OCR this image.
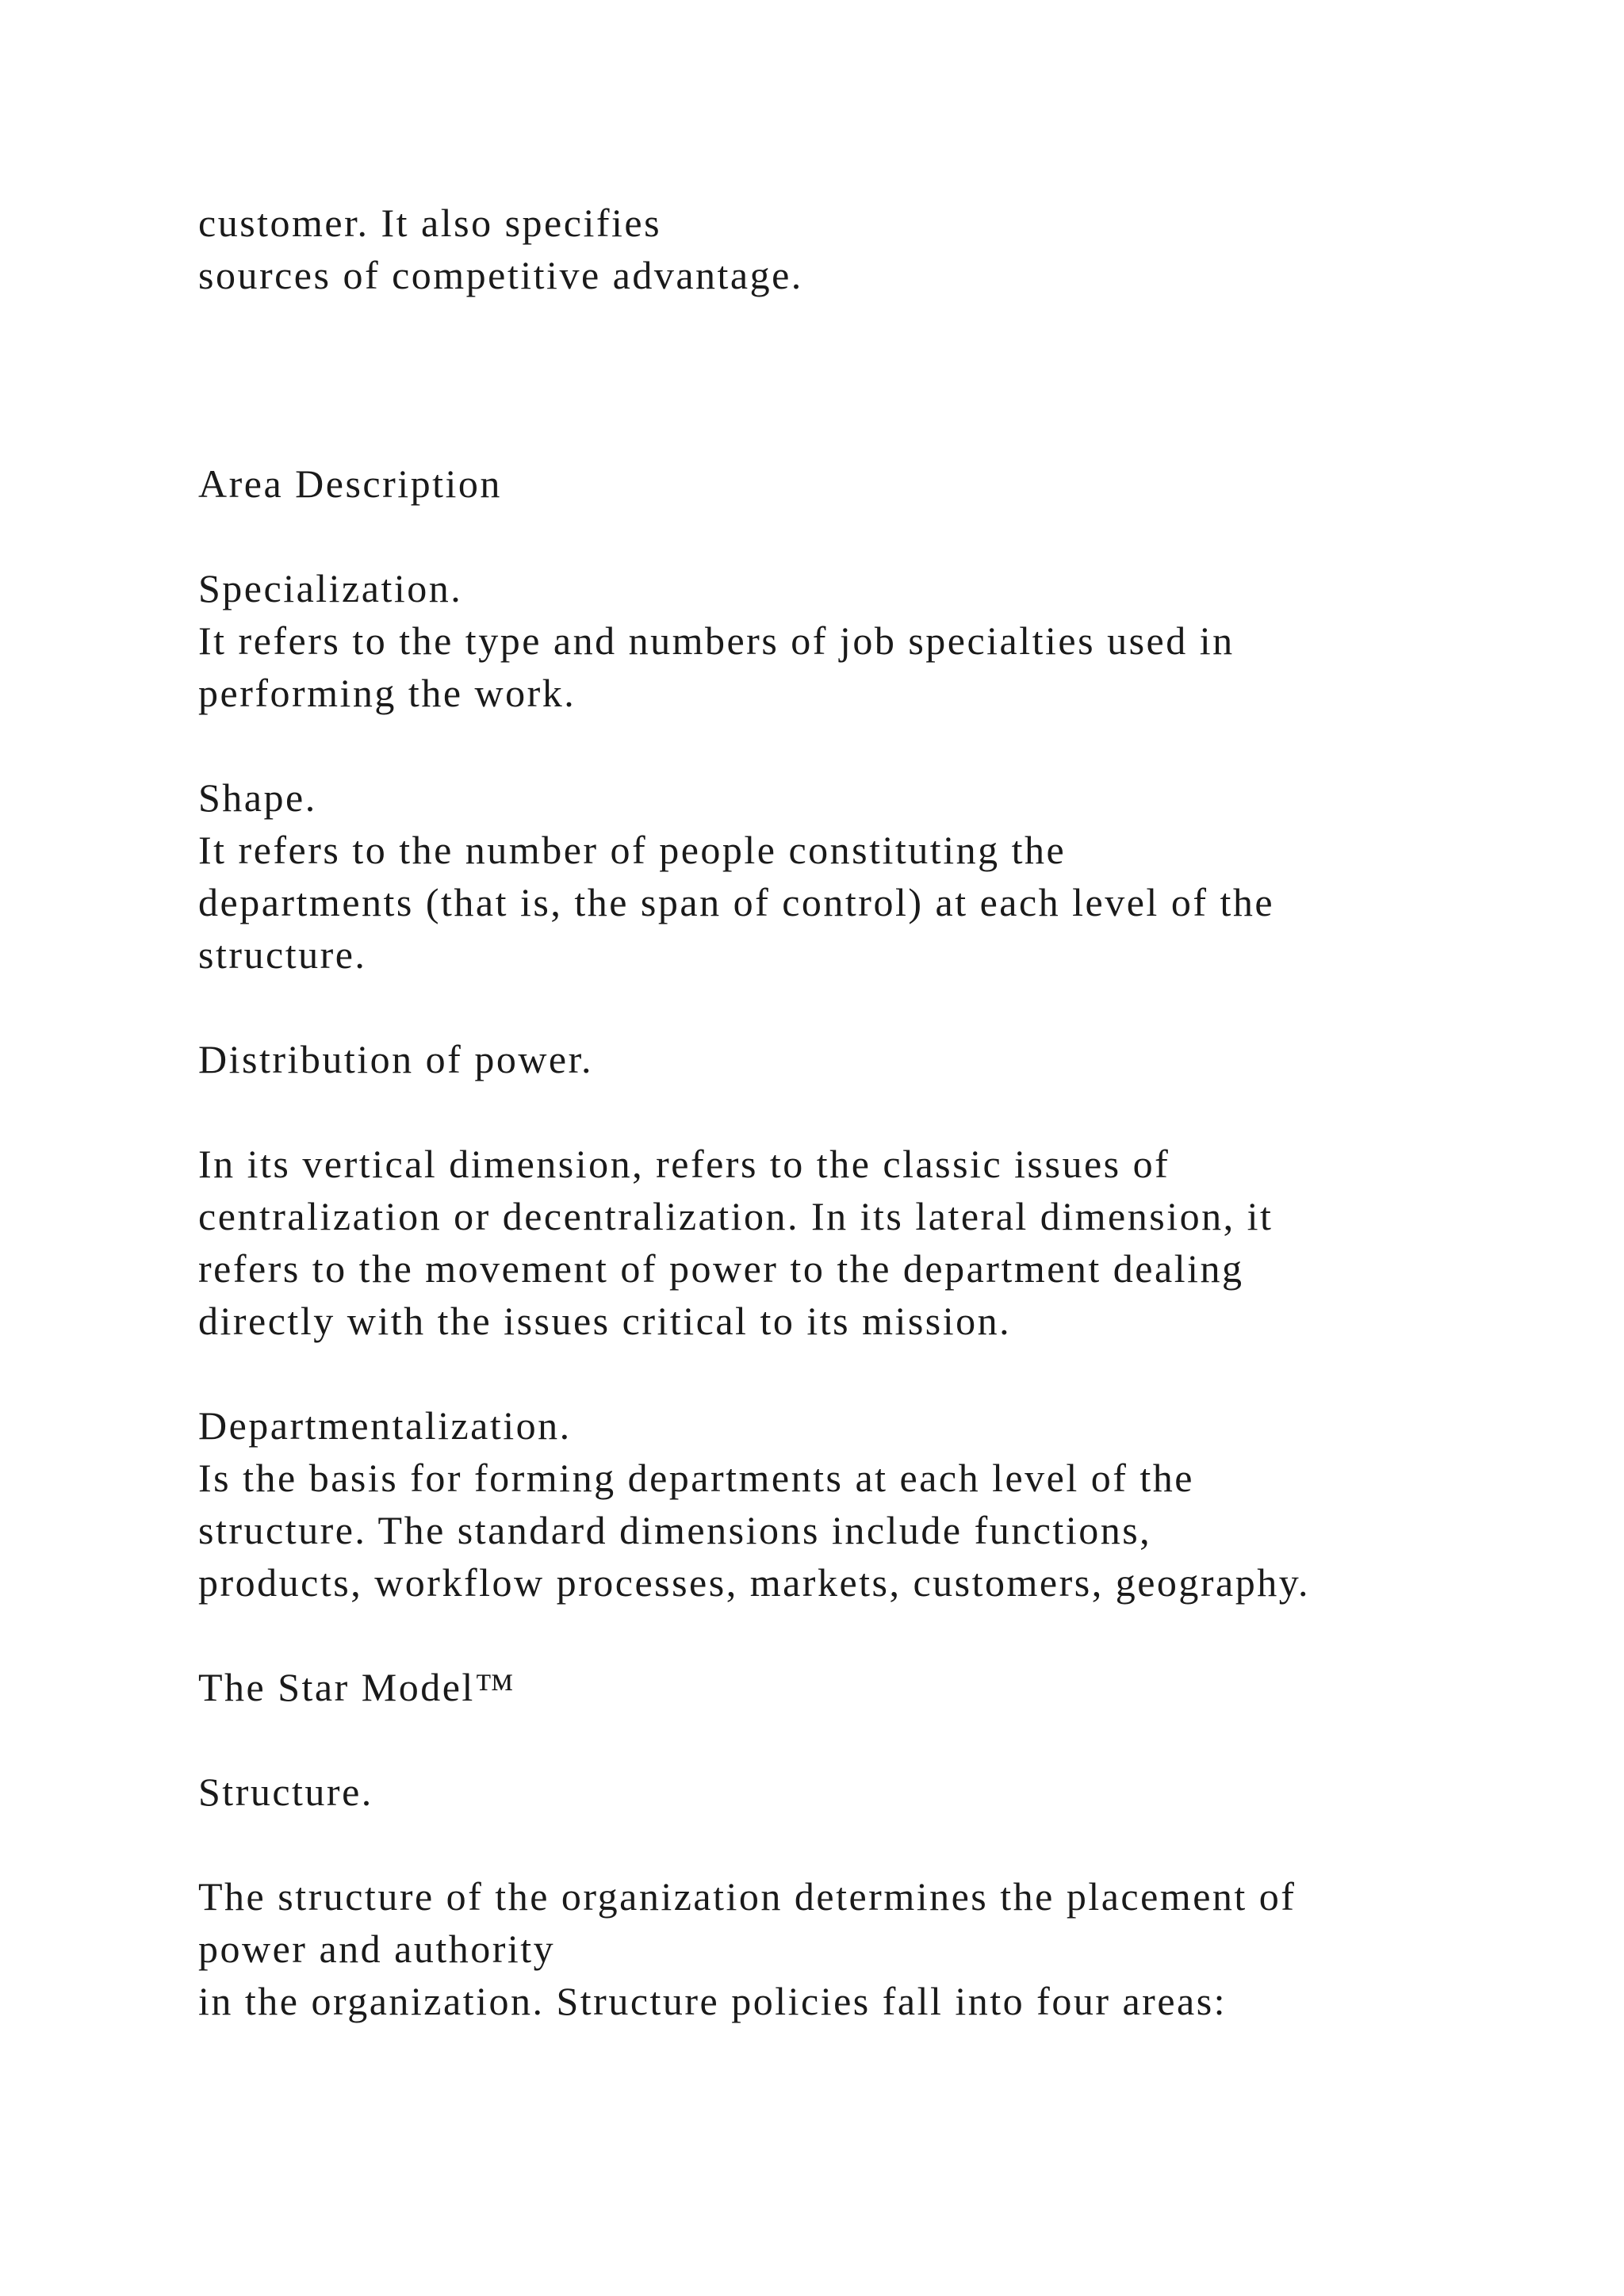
customer. It also specifies

sources of competitive advantage.

Area Description

Specialization.

It refers to the type and numbers of job specialties used in

performing the work.

Shape.

It refers to the number of people constituting the

departments (that is, the span of control) at each level of the

structure.

Distribution of power.

In its vertical dimension, refers to the classic issues of

centralization or decentralization. In its lateral dimension, it

refers to the movement of power to the department dealing

directly with the issues critical to its mission.

Departmentalization.

Is the basis for forming departments at each level of the

structure. The standard dimensions include functions,

products, workflow processes, markets, customers, geography.

The Star Model™

Structure.

The structure of the organization determines the placement of

power and authority

in the organization. Structure policies fall into four areas:
